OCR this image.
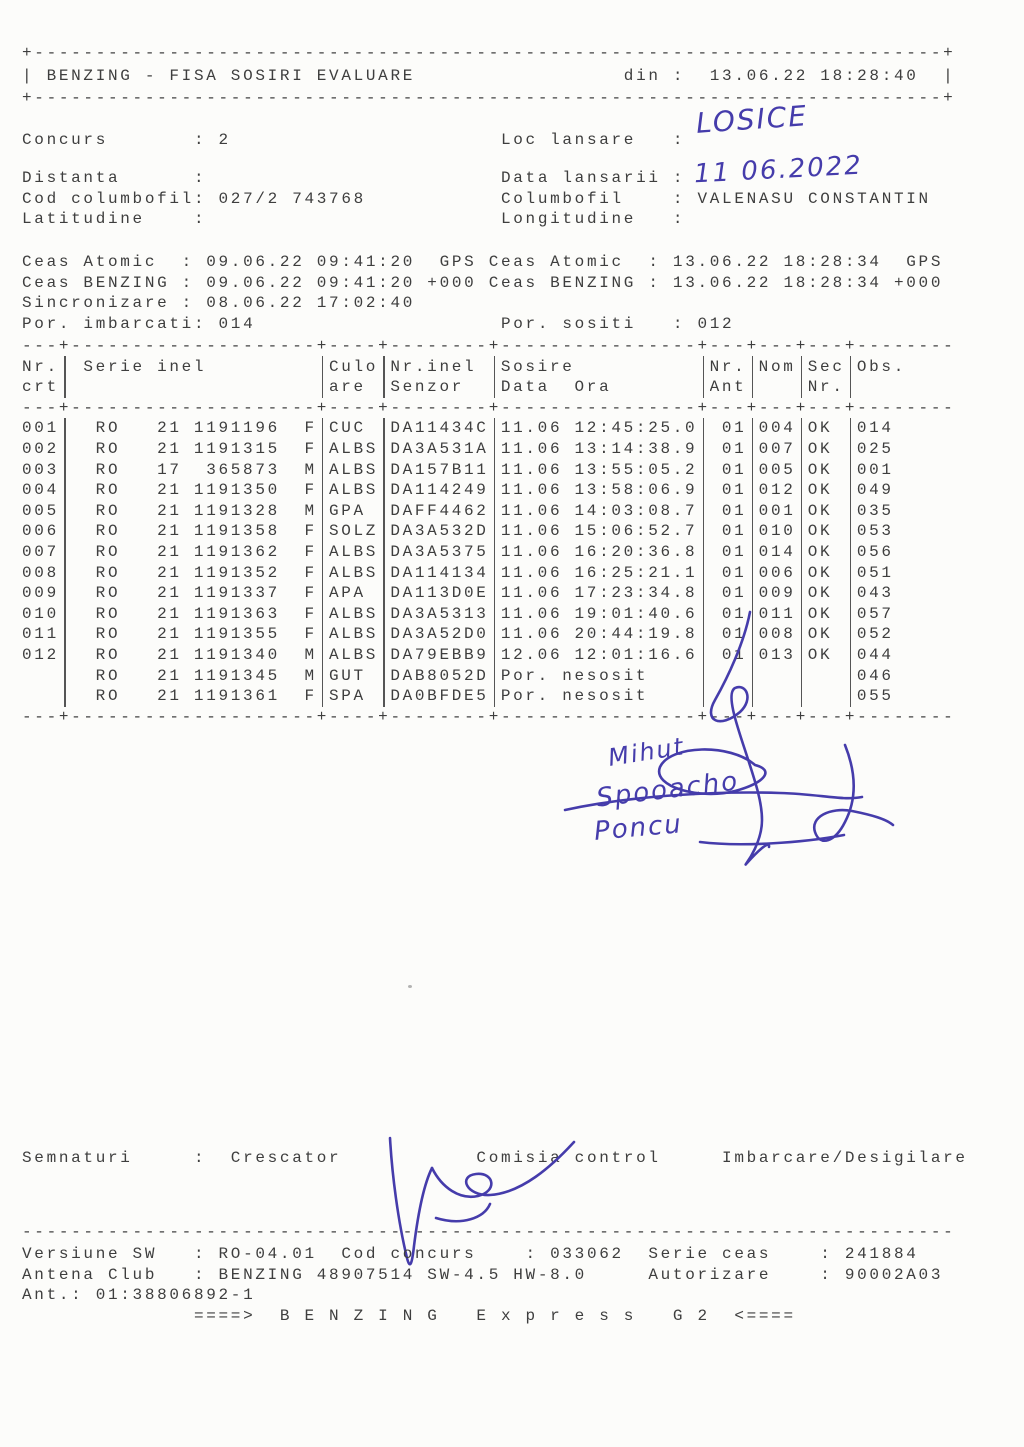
+--------------------------------------------------------------------------+
| BENZING - FISA SOSIRI EVALUARE                 din :  13.06.22 18:28:40  |
+--------------------------------------------------------------------------+
Concurs       : 2                      Loc lansare   :
LOSICE
Distanta      :                        Data lansarii :
Cod columbofil: 027/2 743768           Columbofil    : VALENASU CONSTANTIN
Latitudine    :                        Longitudine   :
11 06.2022
Ceas Atomic  : 09.06.22 09:41:20  GPS Ceas Atomic  : 13.06.22 18:28:34  GPS
Ceas BENZING : 09.06.22 09:41:20 +000 Ceas BENZING : 13.06.22 18:28:34 +000
Sincronizare : 08.06.22 17:02:40
Por. imbarcati: 014                    Por. sositi   : 012
---+--------------------+----+--------+----------------+---+---+---+--------
Nr. Serie inel	Culo Nr.inel	Sosire	Nr. Nom Sec Obs.
crt	are	Senzor	Data  Ora	Ant	Nr.
---+--------------------+----+--------+----------------+---+---+---+--------
001 RO   21 1191196  F CUC	DA11434C 11.06 12:45:25.0 01 004 OK	014
002 RO   21 1191315  F ALBS DA3A531A 11.06 13:14:38.9 01 007 OK	025
003 RO   17  365873  M ALBS DA157B11 11.06 13:55:05.2 01 005 OK	001
004 RO   21 1191350  F ALBS DA114249 11.06 13:58:06.9 01 012 OK	049
005 RO   21 1191328  M GPA	DAFF4462 11.06 14:03:08.7 01 001 OK	035
006 RO   21 1191358  F SOLZ DA3A532D 11.06 15:06:52.7 01 010 OK	053
007 RO   21 1191362  F ALBS DA3A5375 11.06 16:20:36.8 01 014 OK	056
008 RO   21 1191352  F ALBS DA114134 11.06 16:25:21.1 01 006 OK	051
009 RO   21 1191337  F APA	DA113D0E 11.06 17:23:34.8 01 009 OK	043
010 RO   21 1191363  F ALBS DA3A5313 11.06 19:01:40.6 01 011 OK	057
011 RO   21 1191355  F ALBS DA3A52D0 11.06 20:44:19.8 01 008 OK	052
012 RO   21 1191340  M ALBS DA79EBB9 12.06 12:01:16.6 01 013 OK	044
RO   21 1191345  M GUT	DAB8052D Por. nesosit	046
RO   21 1191361  F SPA	DA0BFDE5 Por. nesosit	055
---+--------------------+----+--------+----------------+---+---+---+--------
Mihut
Spooacho
Poncu
Semnaturi     :  Crescator           Comisia control     Imbarcare/Desigilare
----------------------------------------------------------------------------
Versiune SW   : RO-04.01  Cod concurs    : 033062  Serie ceas    : 241884
Antena Club   : BENZING 48907514 SW-4.5 HW-8.0     Autorizare    : 90002A03
Ant.: 01:38806892-1
====>  B E N Z I N G   E x p r e s s   G 2  <====
